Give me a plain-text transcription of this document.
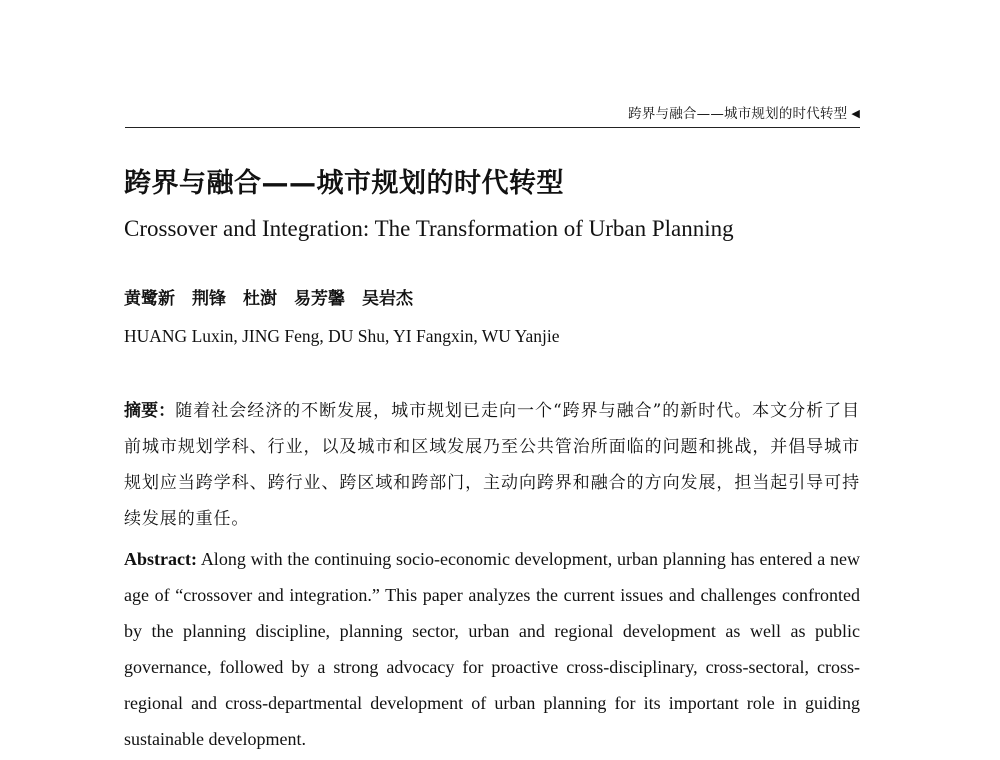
跨界与融合——城市规划的时代转型 ◀
跨界与融合——城市规划的时代转型
Crossover and Integration: The Transformation of Urban Planning
黄鹭新　荆锋　杜澍　易芳馨　吴岩杰
HUANG Luxin, JING Feng, DU Shu, YI Fangxin, WU Yanjie
摘要：随着社会经济的不断发展，城市规划已走向一个“跨界与融合”的新时代。本文分析了目前城市规划学科、行业，以及城市和区域发展乃至公共管治所面临的问题和挑战，并倡导城市规划应当跨学科、跨行业、跨区域和跨部门，主动向跨界和融合的方向发展，担当起引导可持续发展的重任。
Abstract: Along with the continuing socio-economic development, urban planning has entered a new age of “crossover and integration.” This paper analyzes the current issues and challenges confronted by the planning discipline, planning sector, urban and regional development as well as public governance, followed by a strong advocacy for proactive cross-disciplinary, cross-sectoral, cross-regional and cross-departmental development of urban planning for its important role in guiding sustainable development.
